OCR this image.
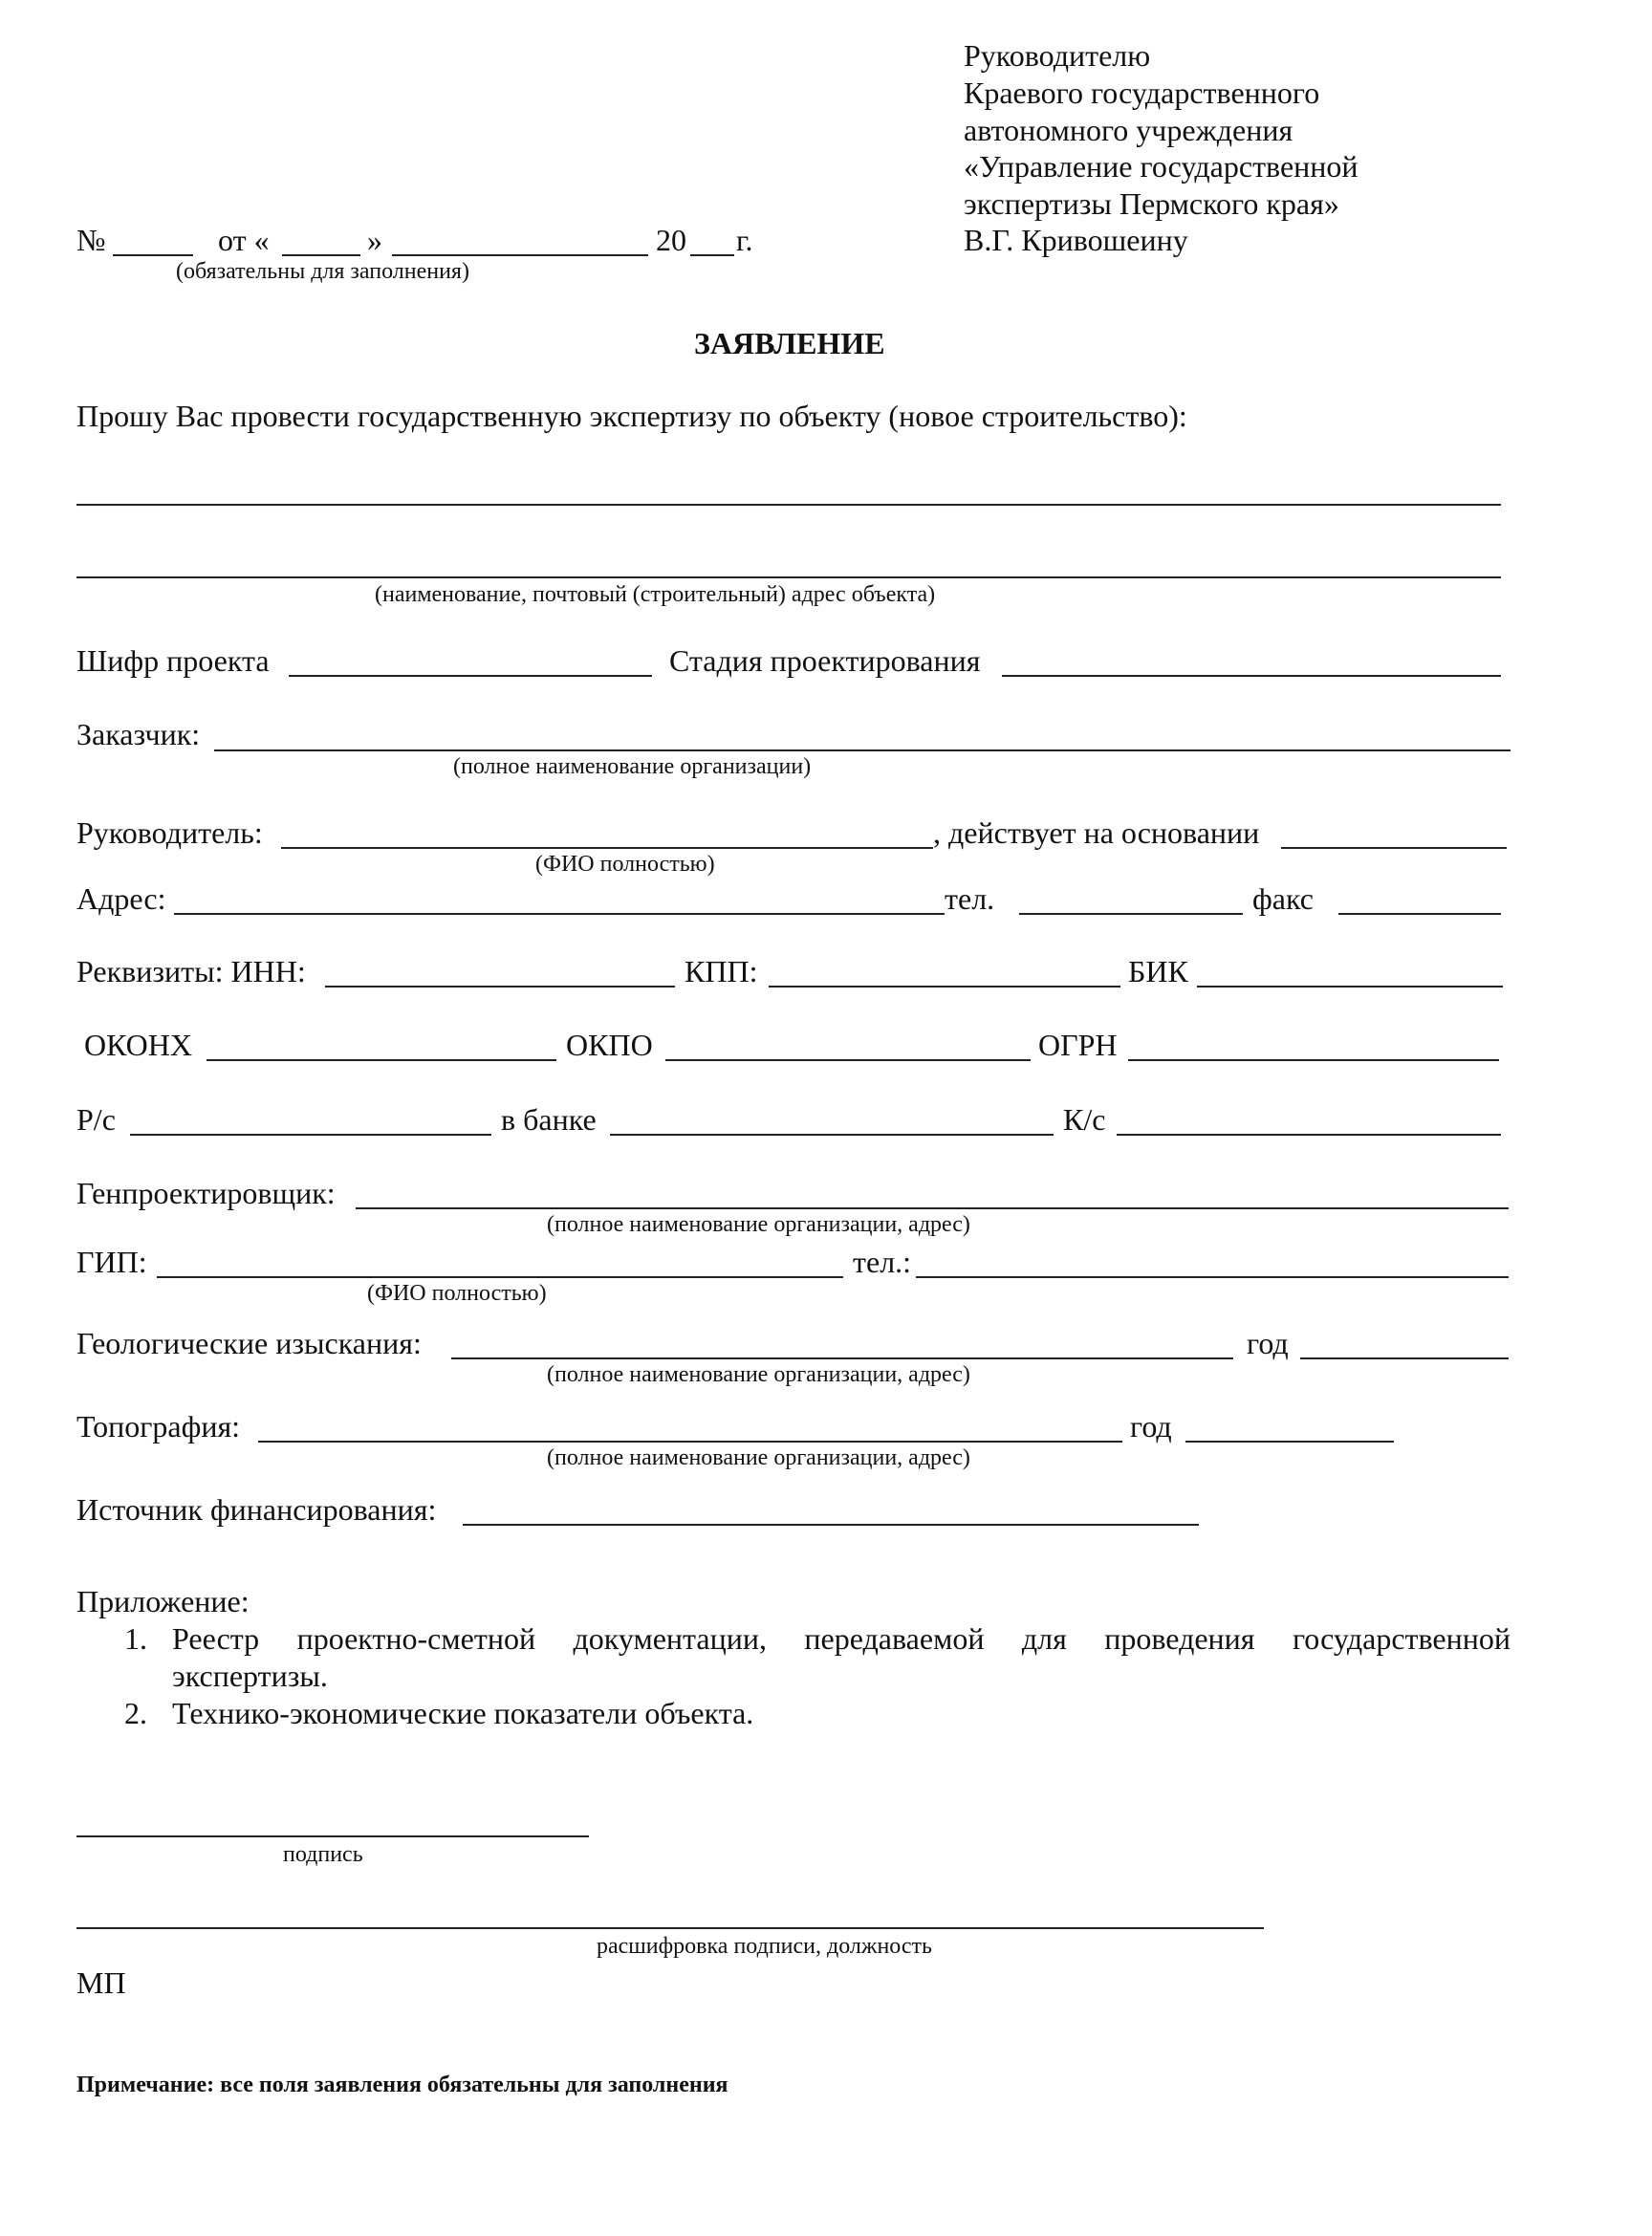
Руководителю
Краевого государственного
автономного учреждения
«Управление государственной
экспертизы Пермского края»
В.Г. Кривошеину
№	от «	»	20 г.
(обязательны для заполнения)
ЗАЯВЛЕНИЕ
Прошу Вас провести государственную экспертизу по объекту (новое строительство):
(наименование, почтовый (строительный) адрес объекта)
Шифр проекта	Стадия проектирования
Заказчик:
(полное наименование организации)
Руководитель:	, действует на основании
(ФИО полностью)
Адрес:	тел.	факс
Реквизиты: ИНН:	КПП:	БИК
ОКОНХ	ОКПО	ОГРН
Р/с	в банке	К/с
Генпроектировщик:
(полное наименование организации, адрес)
ГИП:	тел.:
(ФИО полностью)
Геологические изыскания:	год
(полное наименование организации, адрес)
Топография:	год
(полное наименование организации, адрес)
Источник финансирования:
Приложение:
1. Реестр проектно-сметной документации, передаваемой для проведения государственной
экспертизы.
2. Технико-экономические показатели объекта.
подпись
расшифровка подписи, должность
МП
Примечание: все поля заявления обязательны для заполнения
